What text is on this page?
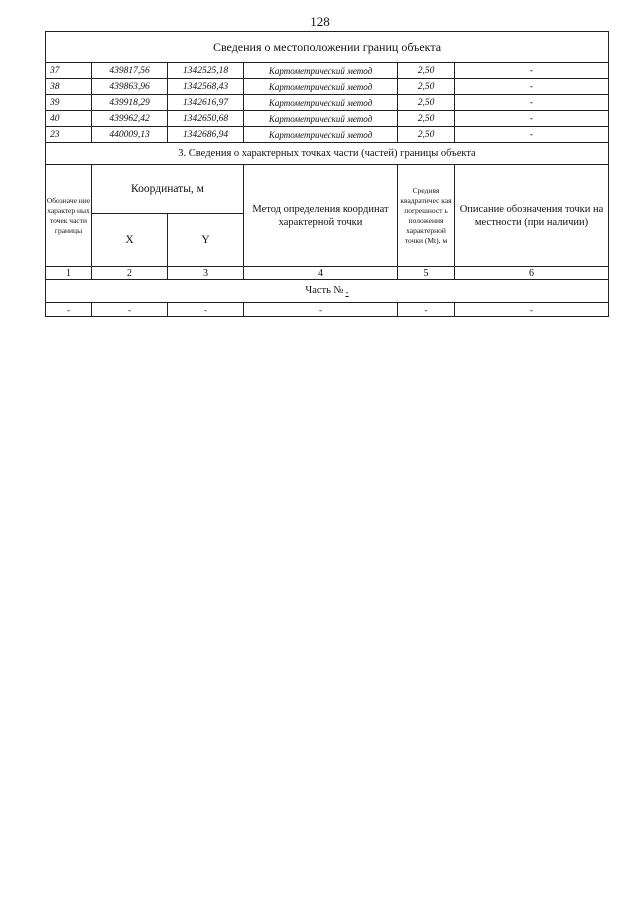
128
Сведения о местоположении границ объекта					
37	439817,56	1342525,18	Картометрический метод	2,50	-
38	439863,96	1342568,43	Картометрический метод	2,50	-
39	439918,29	1342616,97	Картометрический метод	2,50	-
40	439962,42	1342650,68	Картометрический метод	2,50	-
23	440009,13	1342686,94	Картометрический метод	2,50	-
3. Сведения о характерных точках части (частей) границы объекта					
Обозначе ние характер ных точек части границы	Координаты, м		Метод определения координат характерной точки	Средняя квадратичес кая погрешност ь положения характерной точки (Мt), м	Описание обозначения точки на местности (при наличии)
	X	Y			
1	2	3	4	5	6
Часть № -					
-	-	-	-	-	-
